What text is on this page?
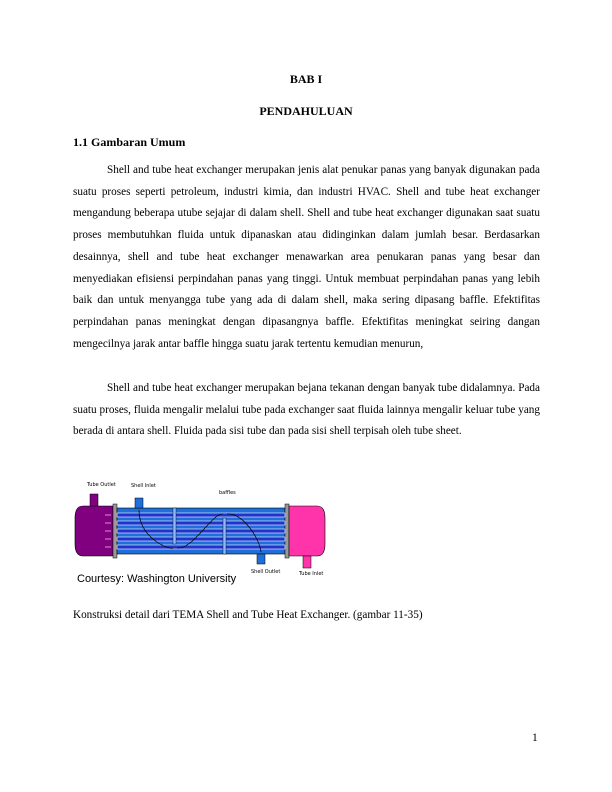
BAB I
PENDAHULUAN
1.1 Gambaran Umum

Shell and tube heat exchanger merupakan jenis alat penukar panas yang banyak digunakan pada suatu proses seperti petroleum, industri kimia, dan industri HVAC. Shell and tube heat exchanger mengandung beberapa utube sejajar di dalam shell. Shell and tube heat exchanger digunakan saat suatu proses membutuhkan fluida untuk dipanaskan atau didinginkan dalam jumlah besar. Berdasarkan desainnya, shell and tube heat exchanger menawarkan area penukaran panas yang besar dan menyediakan efisiensi perpindahan panas yang tinggi. Untuk membuat perpindahan panas yang lebih baik dan untuk menyangga tube yang ada di dalam shell, maka sering dipasang baffle. Efektifitas perpindahan panas meningkat dengan dipasangnya baffle. Efektifitas meningkat seiring dangan mengecilnya jarak antar baffle hingga suatu jarak tertentu kemudian menurun,

Shell and tube heat exchanger merupakan bejana tekanan dengan banyak tube didalamnya. Pada suatu proses, fluida mengalir melalui tube pada exchanger saat fluida lainnya mengalir keluar tube yang berada di antara shell. Fluida pada sisi tube dan pada sisi shell terpisah oleh tube sheet.

Tube Outlet	Shell Inlet
baffles
Shell Outlet	Tube Inlet
Courtesy: Washington University
Konstruksi detail dari TEMA Shell and Tube Heat Exchanger. (gambar 11-35)
1
